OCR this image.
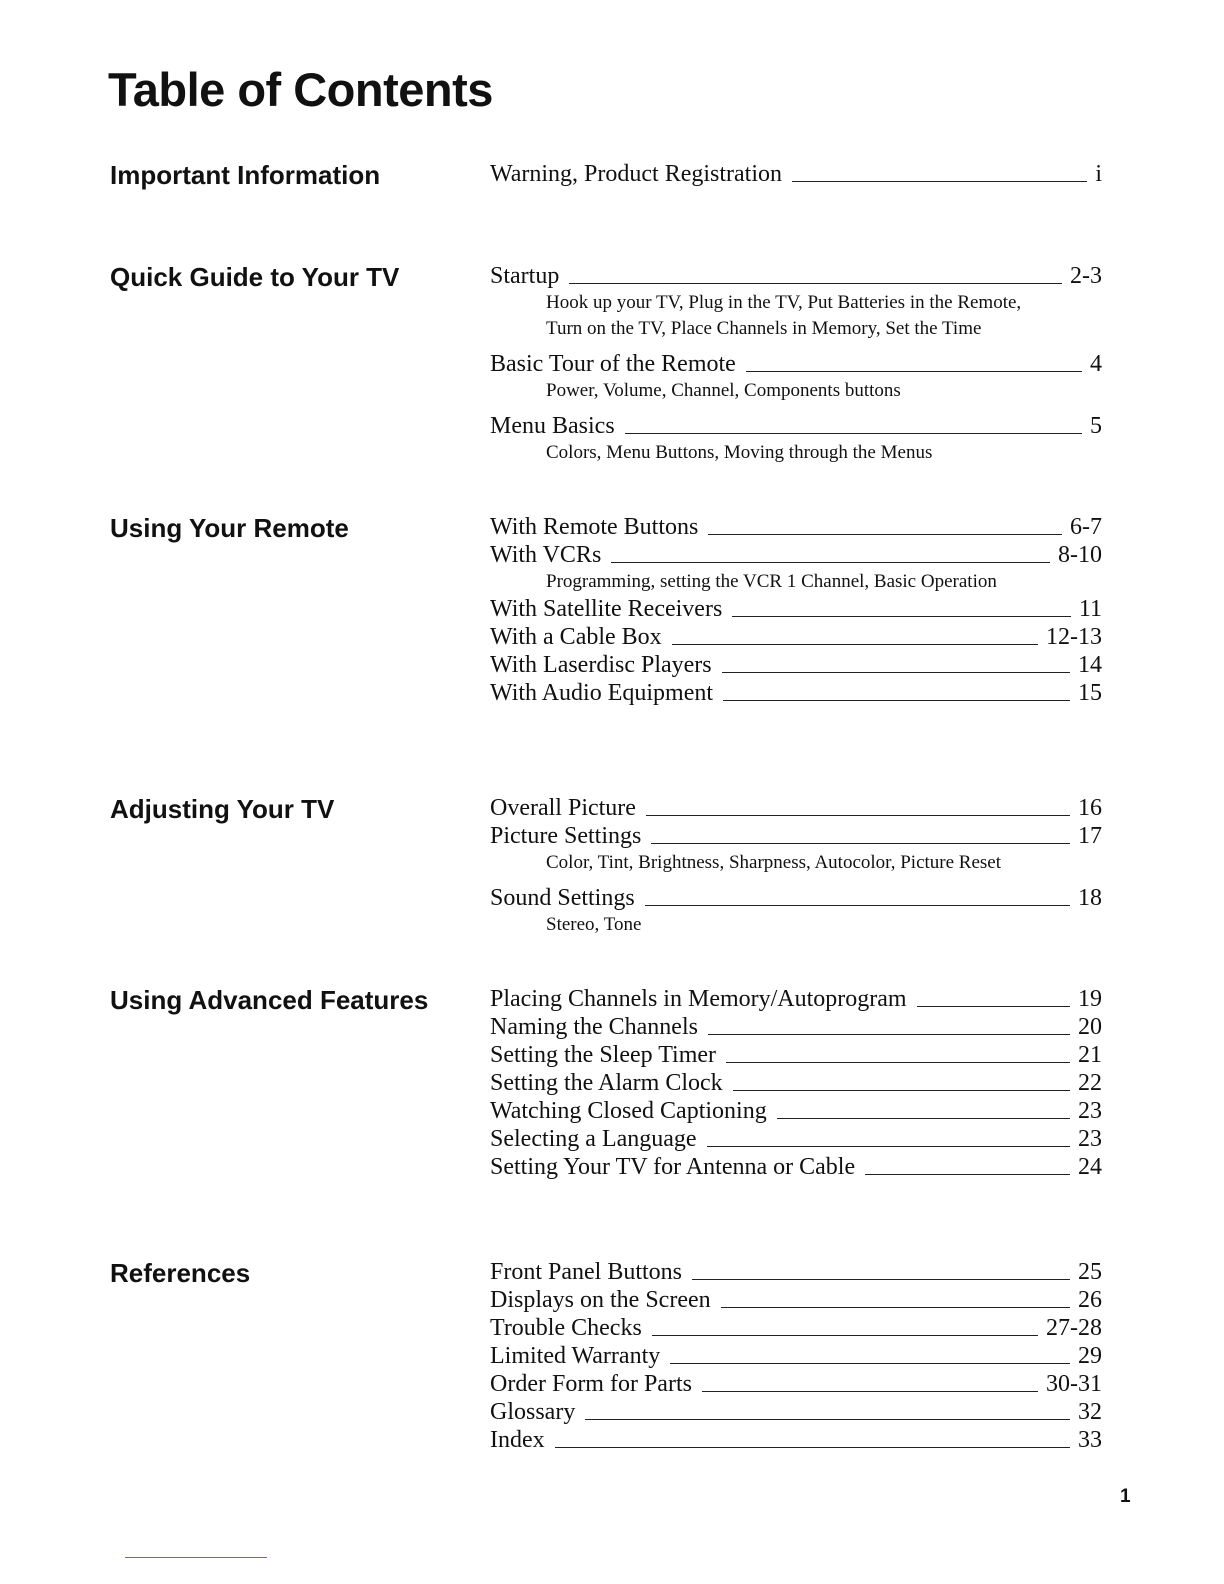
Table of Contents
Important Information	Warning, Product Registration	i
Quick Guide to Your TV	Startup	2-3
Hook up your TV, Plug in the TV, Put Batteries in the Remote,
Turn on the TV, Place Channels in Memory, Set the Time
Basic Tour of the Remote	4
Power, Volume, Channel, Components buttons
Menu Basics	5
Colors, Menu Buttons, Moving through the Menus
Using Your Remote	With Remote Buttons	6-7
With VCRs	8-10
Programming, setting the VCR 1 Channel, Basic Operation
With Satellite Receivers	11
With a Cable Box	12-13
With Laserdisc Players	14
With Audio Equipment	15
Adjusting Your TV	Overall Picture	16
Picture Settings	17
Color, Tint, Brightness, Sharpness, Autocolor, Picture Reset
Sound Settings	18
Stereo, Tone
Using Advanced Features	Placing Channels in Memory/Autoprogram	19
Naming the Channels	20
Setting the Sleep Timer	21
Setting the Alarm Clock	22
Watching Closed Captioning	23
Selecting a Language	23
Setting Your TV for Antenna or Cable	24
References	Front Panel Buttons	25
Displays on the Screen	26
Trouble Checks	27-28
Limited Warranty	29
Order Form for Parts	30-31
Glossary	32
Index	33
1
